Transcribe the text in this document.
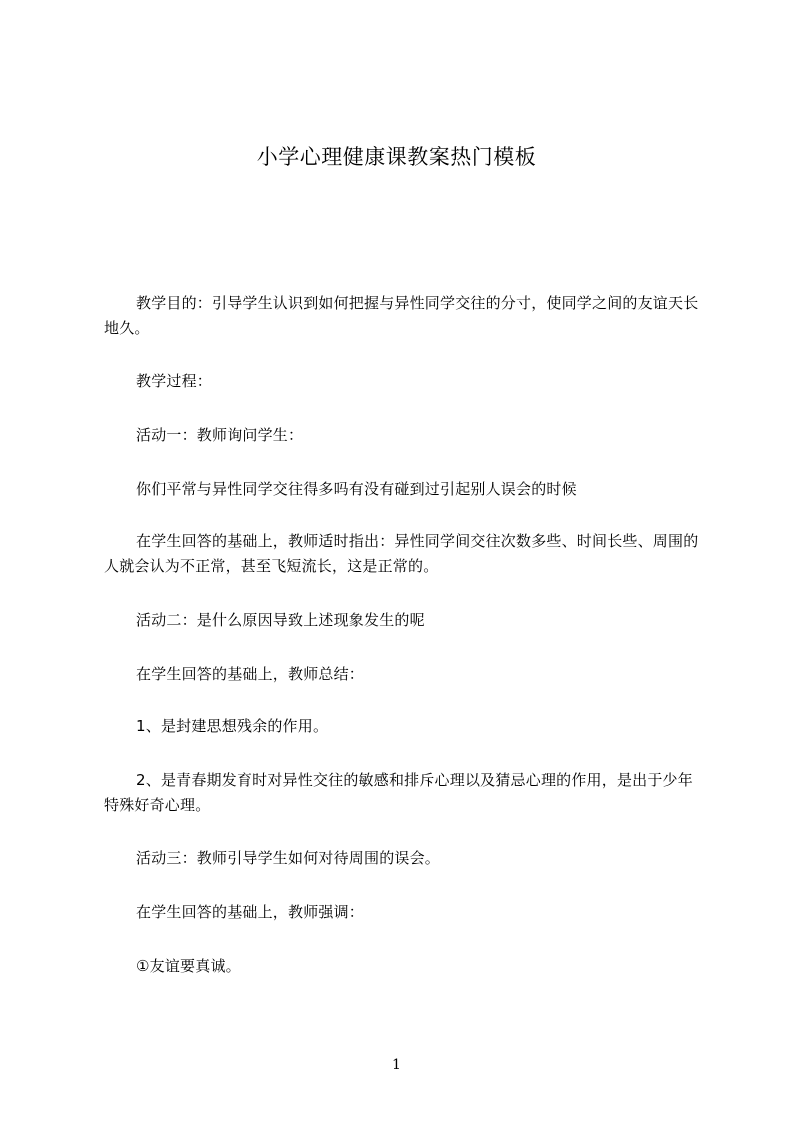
小学心理健康课教案热门模板
教学目的：引导学生认识到如何把握与异性同学交往的分寸，使同学之间的友谊天长地久。
教学过程：
活动一：教师询问学生：
你们平常与异性同学交往得多吗有没有碰到过引起别人误会的时候
在学生回答的基础上，教师适时指出：异性同学间交往次数多些、时间长些、周围的人就会认为不正常，甚至飞短流长，这是正常的。
活动二：是什么原因导致上述现象发生的呢
在学生回答的基础上，教师总结：
1、是封建思想残余的作用。
2、是青春期发育时对异性交往的敏感和排斥心理以及猜忌心理的作用，是出于少年特殊好奇心理。
活动三：教师引导学生如何对待周围的误会。
在学生回答的基础上，教师强调：
①友谊要真诚。
1
